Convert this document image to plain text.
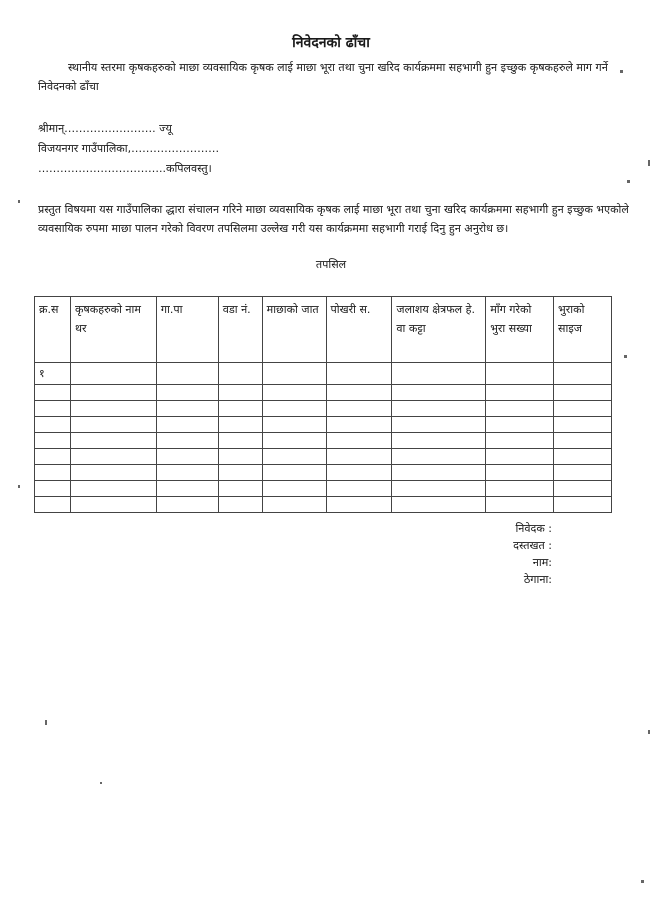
निवेदनको ढाँचा

स्थानीय स्तरमा कृषकहरुको माछा व्यवसायिक कृषक लाई माछा भूरा तथा चुना खरिद कार्यक्रममा सहभागी हुन इच्छुक कृषकहरुले माग गर्ने निवेदनको ढाँचा

श्रीमान्……………………. ज्यू
विजयनगर गाउँपालिका,……………………
……………………………..कपिलवस्तु।

प्रस्तुत विषयमा यस गाउँपालिका द्धारा संचालन गरिने माछा व्यवसायिक कृषक लाई माछा भूरा तथा चुना खरिद कार्यक्रममा सहभागी हुन इच्छुक भएकोले व्यवसायिक रुपमा माछा पालन गरेको विवरण तपसिलमा उल्लेख गरी यस कार्यक्रममा सहभागी गराई दिनु हुन अनुरोध छ।

तपसिल
क्र.स	कृषकहरुको नाम थर	गा.पा	वडा नं.	माछाको जात	पोखरी स.	जलाशय क्षेत्रफल हे. वा कट्टा	माँग गरेको भुरा सख्या	भुराको साइज
१								

निवेदक :
दस्तखत :
नाम:
ठेगाना:
